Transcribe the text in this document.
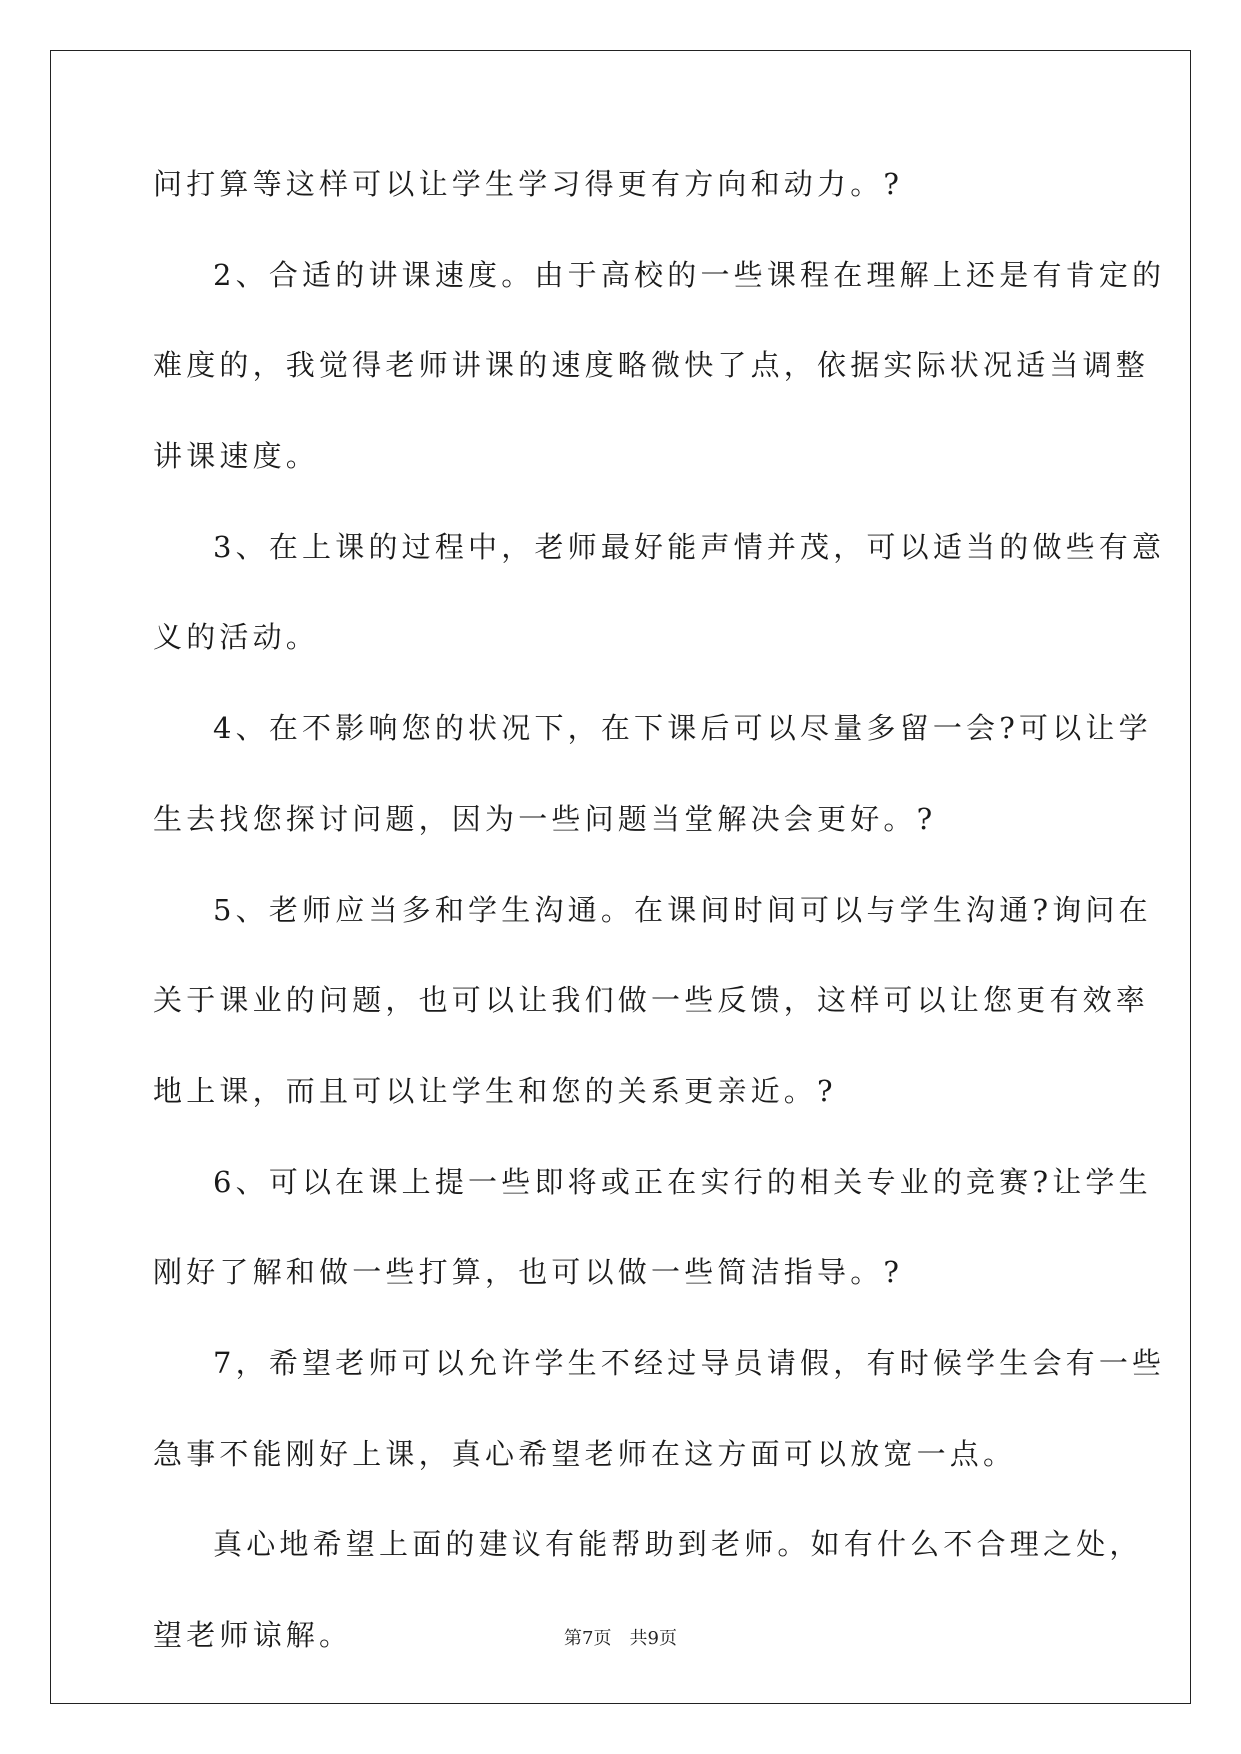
问打算等这样可以让学生学习得更有方向和动力。?
2、合适的讲课速度。由于高校的一些课程在理解上还是有肯定的
难度的，我觉得老师讲课的速度略微快了点，依据实际状况适当调整
讲课速度。
3、在上课的过程中，老师最好能声情并茂，可以适当的做些有意
义的活动。
4、在不影响您的状况下，在下课后可以尽量多留一会?可以让学
生去找您探讨问题，因为一些问题当堂解决会更好。?
5、老师应当多和学生沟通。在课间时间可以与学生沟通?询问在
关于课业的问题，也可以让我们做一些反馈，这样可以让您更有效率
地上课，而且可以让学生和您的关系更亲近。?
6、可以在课上提一些即将或正在实行的相关专业的竞赛?让学生
刚好了解和做一些打算，也可以做一些简洁指导。?
7，希望老师可以允许学生不经过导员请假，有时候学生会有一些
急事不能刚好上课，真心希望老师在这方面可以放宽一点。
真心地希望上面的建议有能帮助到老师。如有什么不合理之处，
望老师谅解。	第7页 共9页
